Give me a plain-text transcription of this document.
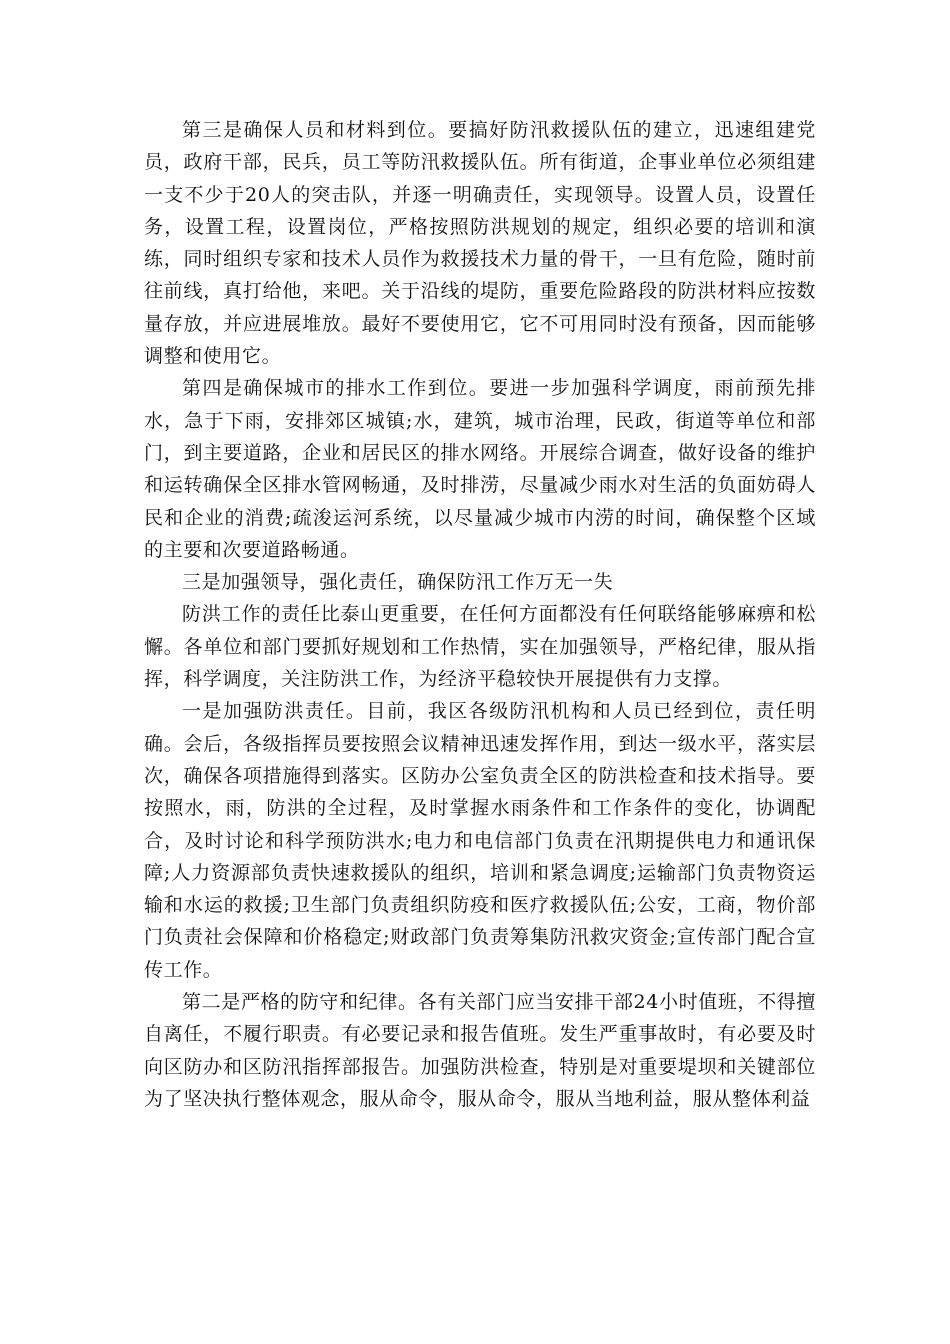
第三是确保人员和材料到位。要搞好防汛救援队伍的建立，迅速组建党员，政府干部，民兵，员工等防汛救援队伍。所有街道，企事业单位必须组建一支不少于20人的突击队，并逐一明确责任，实现领导。设置人员，设置任务，设置工程，设置岗位，严格按照防洪规划的规定，组织必要的培训和演练，同时组织专家和技术人员作为救援技术力量的骨干，一旦有危险，随时前往前线，真打给他，来吧。关于沿线的堤防，重要危险路段的防洪材料应按数量存放，并应进展堆放。最好不要使用它，它不可用同时没有预备，因而能够调整和使用它。

第四是确保城市的排水工作到位。要进一步加强科学调度，雨前预先排水，急于下雨，安排郊区城镇;水，建筑，城市治理，民政，街道等单位和部门，到主要道路，企业和居民区的排水网络。开展综合调查，做好设备的维护和运转确保全区排水管网畅通，及时排涝，尽量减少雨水对生活的负面妨碍人民和企业的消费;疏浚运河系统，以尽量减少城市内涝的时间，确保整个区域的主要和次要道路畅通。

三是加强领导，强化责任，确保防汛工作万无一失

防洪工作的责任比泰山更重要，在任何方面都没有任何联络能够麻痹和松懈。各单位和部门要抓好规划和工作热情，实在加强领导，严格纪律，服从指挥，科学调度，关注防洪工作，为经济平稳较快开展提供有力支撑。

一是加强防洪责任。目前，我区各级防汛机构和人员已经到位，责任明确。会后，各级指挥员要按照会议精神迅速发挥作用，到达一级水平，落实层次，确保各项措施得到落实。区防办公室负责全区的防洪检查和技术指导。要按照水，雨，防洪的全过程，及时掌握水雨条件和工作条件的变化，协调配合，及时讨论和科学预防洪水;电力和电信部门负责在汛期提供电力和通讯保障;人力资源部负责快速救援队的组织，培训和紧急调度;运输部门负责物资运输和水运的救援;卫生部门负责组织防疫和医疗救援队伍;公安，工商，物价部门负责社会保障和价格稳定;财政部门负责筹集防汛救灾资金;宣传部门配合宣传工作。

第二是严格的防守和纪律。各有关部门应当安排干部24小时值班，不得擅自离任，不履行职责。有必要记录和报告值班。发生严重事故时，有必要及时向区防办和区防汛指挥部报告。加强防洪检查，特别是对重要堤坝和关键部位为了坚决执行整体观念，服从命令，服从命令，服从当地利益，服从整体利益
